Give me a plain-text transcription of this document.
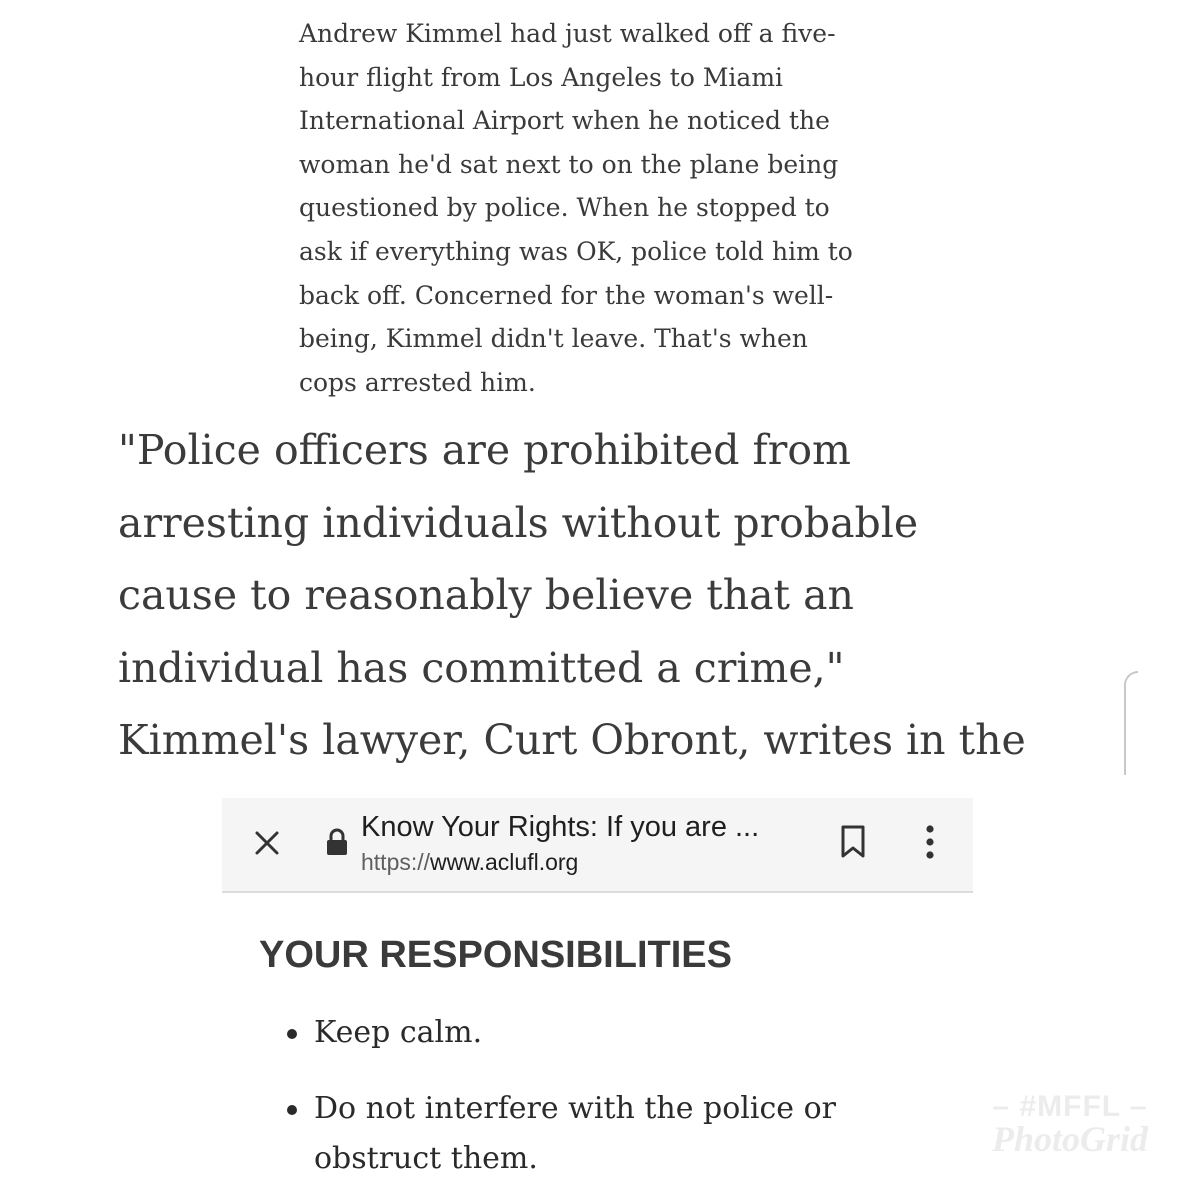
Andrew Kimmel had just walked off a five-
hour flight from Los Angeles to Miami
International Airport when he noticed the
woman he'd sat next to on the plane being
questioned by police. When he stopped to
ask if everything was OK, police told him to
back off. Concerned for the woman's well-
being, Kimmel didn't leave. That's when
cops arrested him.
"Police officers are prohibited from
arresting individuals without probable
cause to reasonably believe that an
individual has committed a crime,"
Kimmel's lawyer, Curt Obront, writes in the
Know Your Rights: If you are ...
https://www.aclufl.org
YOUR RESPONSIBILITIES
Keep calm.
Do not interfere with the police or
obstruct them.
– #MFFL –
PhotoGrid
